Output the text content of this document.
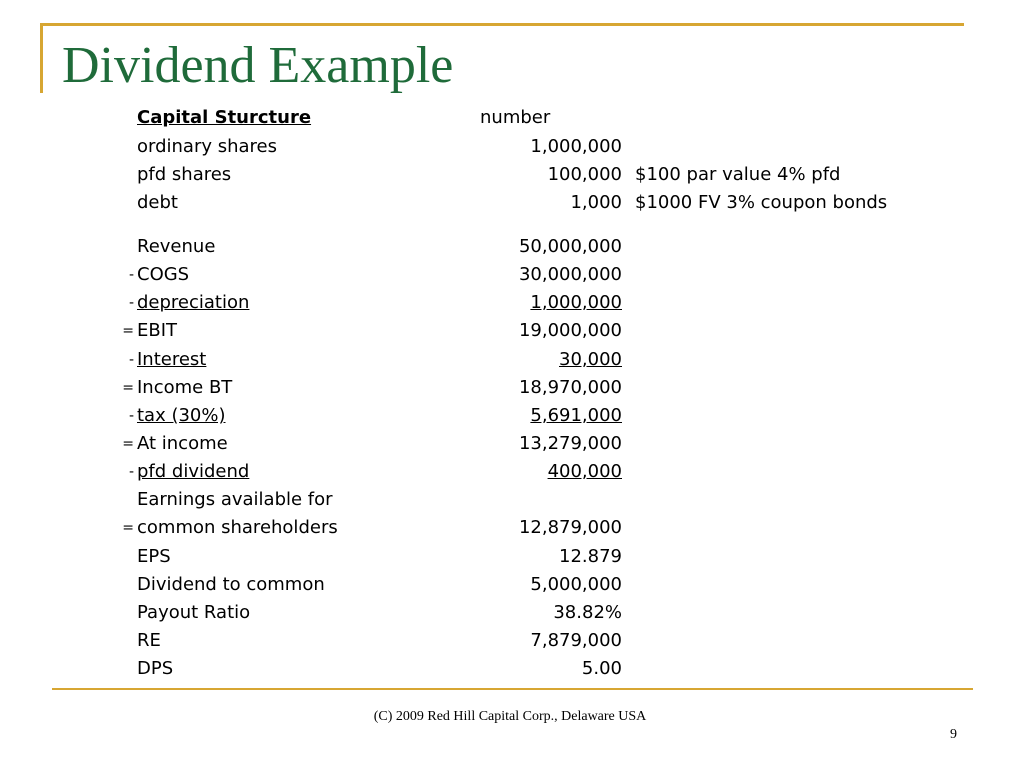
Dividend Example
Capital Sturcture	number
ordinary shares	1,000,000
pfd shares	100,000 $100 par value 4% pfd
debt	1,000 $1000 FV 3% coupon bonds
Revenue	50,000,000
- COGS	30,000,000
- depreciation	1,000,000
= EBIT	19,000,000
- Interest	30,000
= Income BT	18,970,000
- tax (30%)	5,691,000
= At income	13,279,000
- pfd dividend	400,000
Earnings available for
= common shareholders	12,879,000
EPS	12.879
Dividend to common	5,000,000
Payout Ratio	38.82%
RE	7,879,000
DPS	5.00
(C) 2009 Red Hill Capital Corp., Delaware USA
9
